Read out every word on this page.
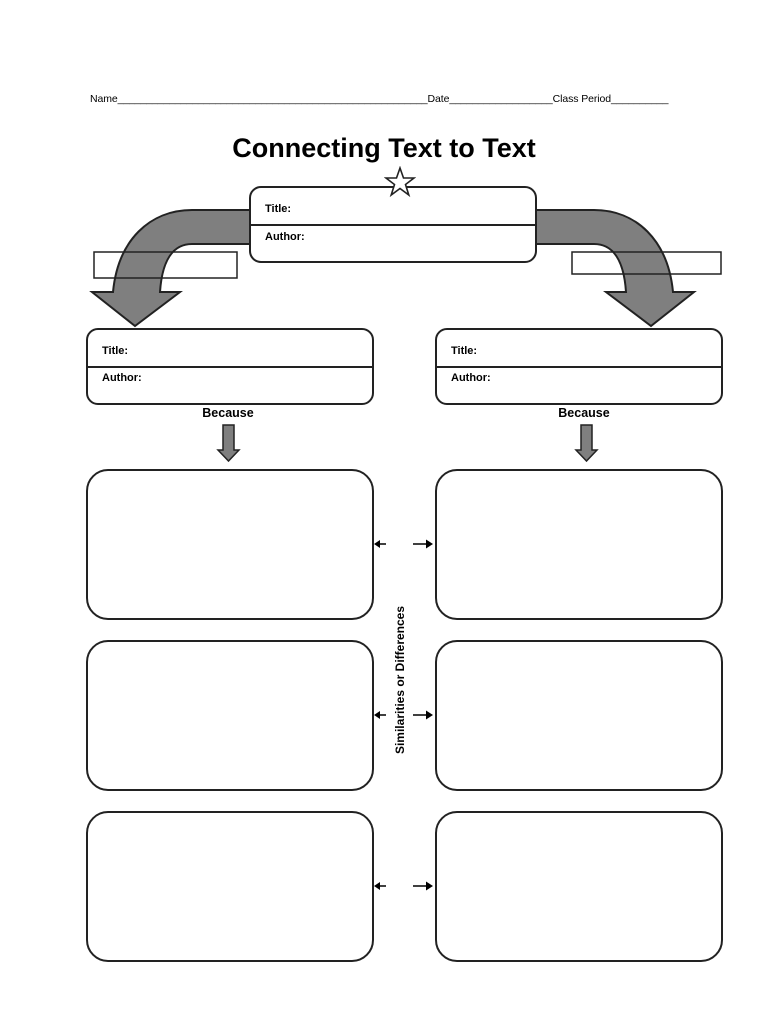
Name______________________________________________________Date__________________Class Period__________
Connecting Text to Text
Title:
Author:
Title:
Author:
Title:
Author:
Because	Because
Similarities or Differences
